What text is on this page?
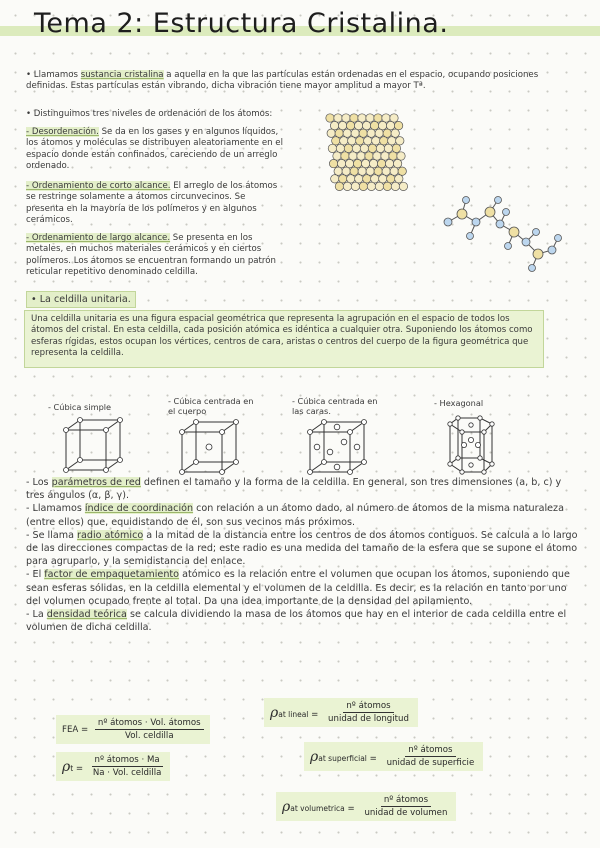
Tema 2: Estructura Cristalina.
• Llamamos sustancia cristalina a aquella en la que las partículas están ordenadas en el espacio, ocupando posiciones definidas. Estas partículas están vibrando, dicha vibración tiene mayor amplitud a mayor Tª.
• Distinguimos tres niveles de ordenación de los átomos:
- Desordenación. Se da en los gases y en algunos líquidos, los átomos y moléculas se distribuyen aleatoriamente en el espacio donde están confinados, careciendo de un arreglo ordenado.
- Ordenamiento de corto alcance. El arreglo de los átomos se restringe solamente a átomos circunvecinos. Se presenta en la mayoría de los polímeros y en algunos cerámicos.
- Ordenamiento de largo alcance. Se presenta en los metales, en muchos materiales cerámicos y en ciertos polímeros. Los átomos se encuentran formando un patrón reticular repetitivo denominado celdilla.
• La celdilla unitaria.
Una celdilla unitaria es una figura espacial geométrica que representa la agrupación en el espacio de todos los átomos del cristal. En esta celdilla, cada posición atómica es idéntica a cualquier otra. Suponiendo los átomos como esferas rígidas, estos ocupan los vértices, centros de cara, aristas o centros del cuerpo de la figura geométrica que representa la celdilla.
- Cúbica simple
- Cúbica centrada en el cuerpo
- Cúbica centrada en las caras.
- Hexagonal
- Los parámetros de red definen el tamaño y la forma de la celdilla. En general, son tres dimensiones (a, b, c) y tres ángulos (α, β, γ).
- Llamamos índice de coordinación con relación a un átomo dado, al número de átomos de la misma naturaleza (entre ellos) que, equidistando de él, son sus vecinos más próximos.
- Se llama radio atómico a la mitad de la distancia entre los centros de dos átomos contiguos. Se calcula a lo largo de las direcciones compactas de la red; este radio es una medida del tamaño de la esfera que se supone el átomo para agruparlo, y la semidistancia del enlace.
- El factor de empaquetamiento atómico es la relación entre el volumen que ocupan los átomos, suponiendo que sean esferas sólidas, en la celdilla elemental y el volumen de la celdilla. Es decir, es la relación en tanto por uno del volumen ocupado frente al total. Da una idea importante de la densidad del apilamiento.
- La densidad teórica se calcula dividiendo la masa de los átomos que hay en el interior de cada celdilla entre el volumen de dicha celdilla.
FEA = $\frac{\text{nº átomos · Vol. átomos}}{\text{Vol. celdilla}}$
$\rho t = \frac{\text{nº átomos · Ma}}{\text{Na · Vol. celdilla}}$
ρat lineal = $\frac{\text{nº átomos}}{\text{unidad de longitud}}$
ρat superficial = $\frac{\text{nº átomos}}{\text{unidad de superficie}}$
ρat volumetrica = $\frac{\text{nº átomos}}{\text{unidad de volumen}}$
